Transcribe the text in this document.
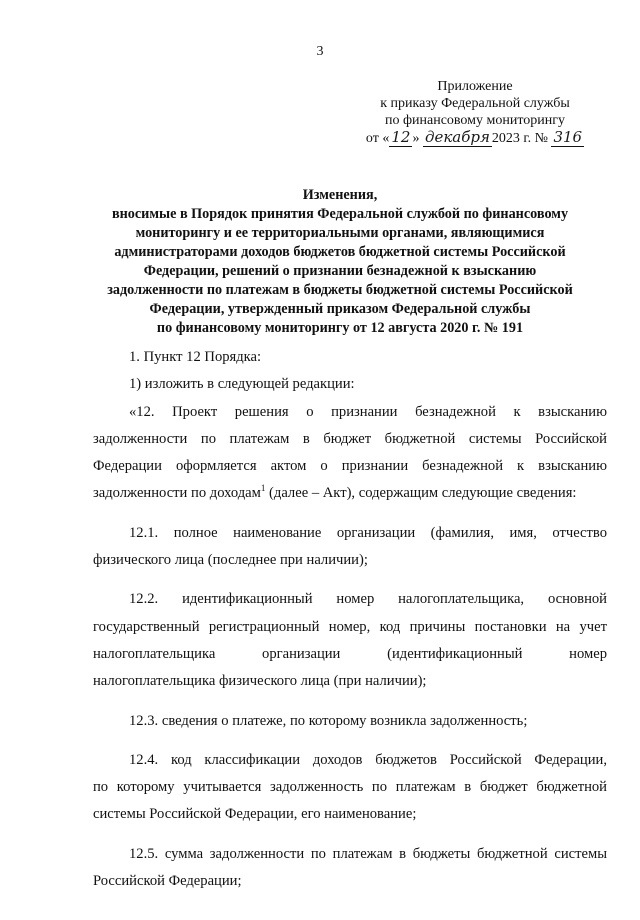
3
Приложение
к приказу Федеральной службы
по финансовому мониторингу
от « 12 » декабря 2023 г. № 316
Изменения,
вносимые в Порядок принятия Федеральной службой по финансовому
мониторингу и ее территориальными органами, являющимися
администраторами доходов бюджетов бюджетной системы Российской
Федерации, решений о признании безнадежной к взысканию
задолженности по платежам в бюджеты бюджетной системы Российской
Федерации, утвержденный приказом Федеральной службы
по финансовому мониторингу от 12 августа 2020 г. № 191
1. Пункт 12 Порядка:
1) изложить в следующей редакции:
«12. Проект решения о признании безнадежной к взысканию
задолженности по платежам в бюджет бюджетной системы Российской
Федерации оформляется актом о признании безнадежной к взысканию
задолженности по доходам$^1$ (далее – Акт), содержащим следующие сведения:
12.1. полное наименование организации (фамилия, имя, отчество
физического лица (последнее при наличии);
12.2. идентификационный номер налогоплательщика, основной
государственный регистрационный номер, код причины постановки на учет
налогоплательщика организации (идентификационный номер
налогоплательщика физического лица (при наличии);
12.3. сведения о платеже, по которому возникла задолженность;
12.4. код классификации доходов бюджетов Российской Федерации,
по которому учитывается задолженность по платежам в бюджет бюджетной
системы Российской Федерации, его наименование;
12.5. сумма задолженности по платежам в бюджеты бюджетной системы
Российской Федерации;
